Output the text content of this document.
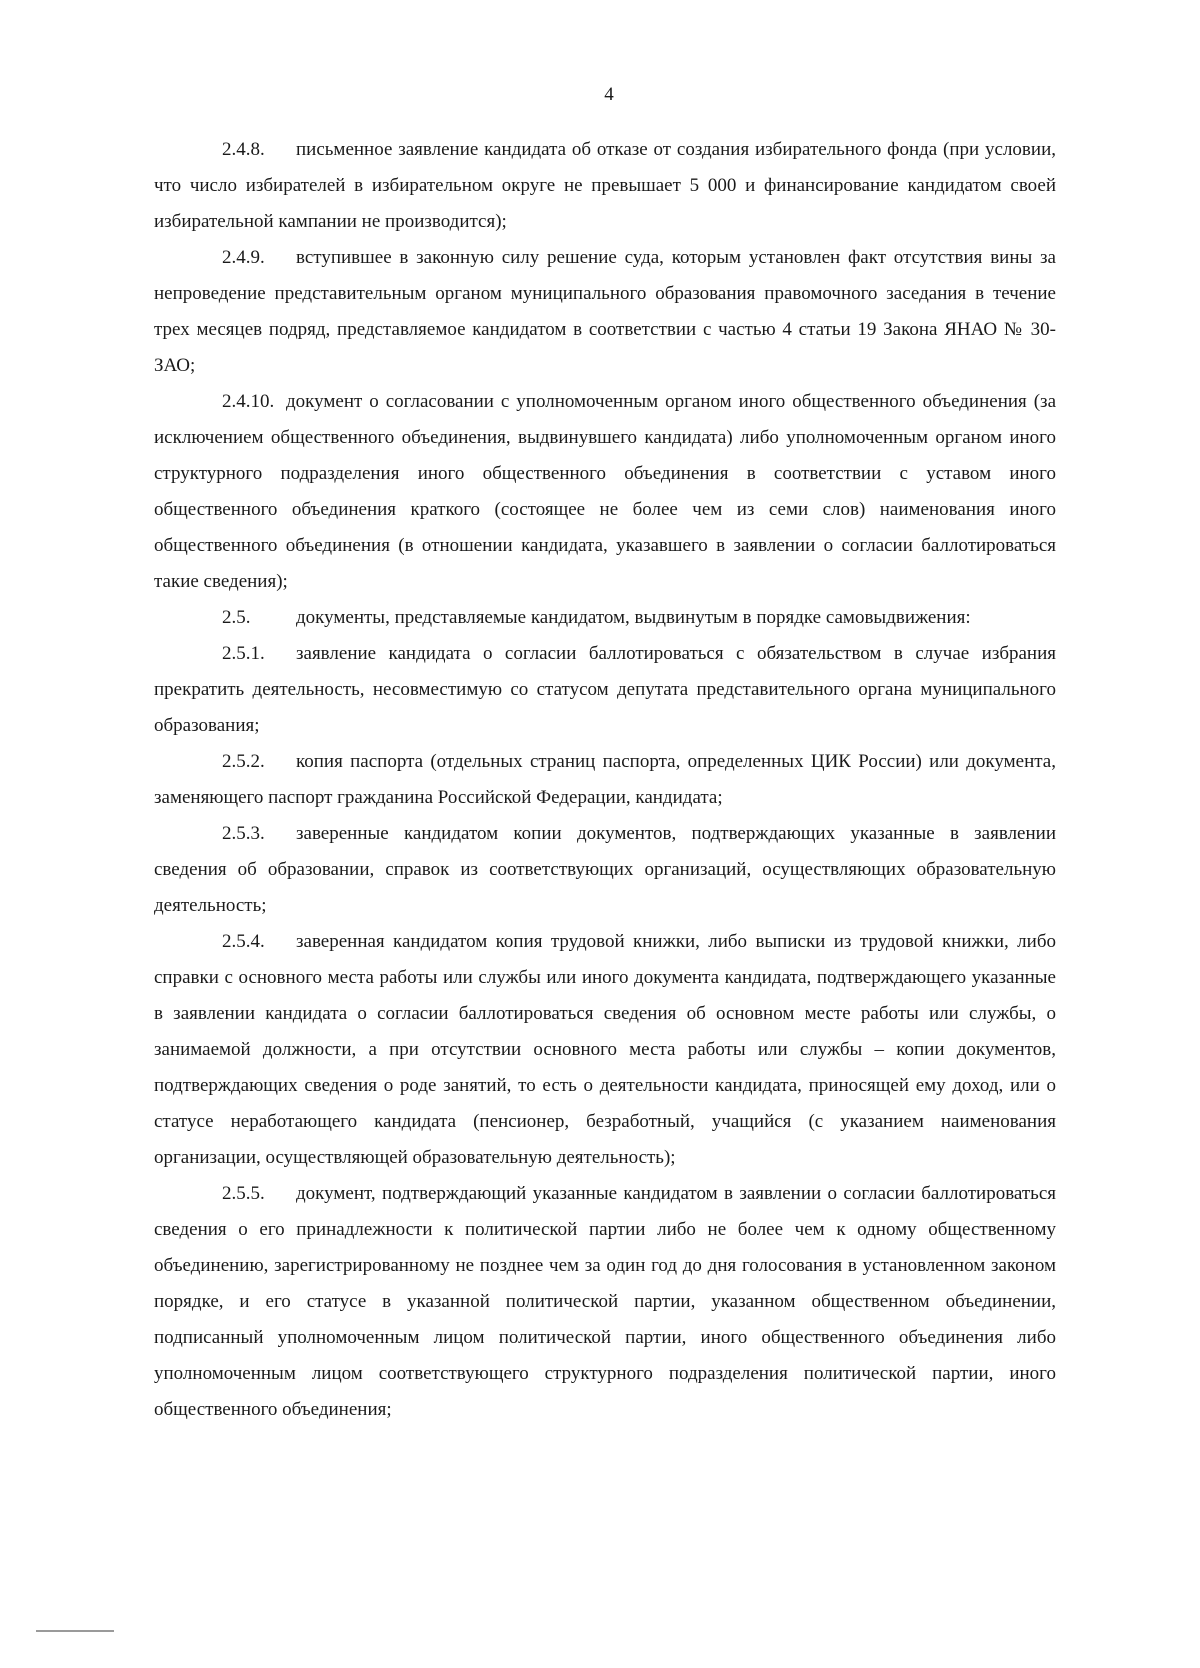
4

2.4.8. письменное заявление кандидата об отказе от создания избирательного фонда (при условии, что число избирателей в избирательном округе не превышает 5 000 и финансирование кандидатом своей избирательной кампании не производится);

2.4.9. вступившее в законную силу решение суда, которым установлен факт отсутствия вины за непроведение представительным органом муниципального образования правомочного заседания в течение трех месяцев подряд, представляемое кандидатом в соответствии с частью 4 статьи 19 Закона ЯНАО № 30-ЗАО;

2.4.10. документ о согласовании с уполномоченным органом иного общественного объединения (за исключением общественного объединения, выдвинувшего кандидата) либо уполномоченным органом иного структурного подразделения иного общественного объединения в соответствии с уставом иного общественного объединения краткого (состоящее не более чем из семи слов) наименования иного общественного объединения (в отношении кандидата, указавшего в заявлении о согласии баллотироваться такие сведения);

2.5. документы, представляемые кандидатом, выдвинутым в порядке самовыдвижения:

2.5.1. заявление кандидата о согласии баллотироваться с обязательством в случае избрания прекратить деятельность, несовместимую со статусом депутата представительного органа муниципального образования;

2.5.2. копия паспорта (отдельных страниц паспорта, определенных ЦИК России) или документа, заменяющего паспорт гражданина Российской Федерации, кандидата;

2.5.3. заверенные кандидатом копии документов, подтверждающих указанные в заявлении сведения об образовании, справок из соответствующих организаций, осуществляющих образовательную деятельность;

2.5.4. заверенная кандидатом копия трудовой книжки, либо выписки из трудовой книжки, либо справки с основного места работы или службы или иного документа кандидата, подтверждающего указанные в заявлении кандидата о согласии баллотироваться сведения об основном месте работы или службы, о занимаемой должности, а при отсутствии основного места работы или службы – копии документов, подтверждающих сведения о роде занятий, то есть о деятельности кандидата, приносящей ему доход, или о статусе неработающего кандидата (пенсионер, безработный, учащийся (с указанием наименования организации, осуществляющей образовательную деятельность);

2.5.5. документ, подтверждающий указанные кандидатом в заявлении о согласии баллотироваться сведения о его принадлежности к политической партии либо не более чем к одному общественному объединению, зарегистрированному не позднее чем за один год до дня голосования в установленном законом порядке, и его статусе в указанной политической партии, указанном общественном объединении, подписанный уполномоченным лицом политической партии, иного общественного объединения либо уполномоченным лицом соответствующего структурного подразделения политической партии, иного общественного объединения;
